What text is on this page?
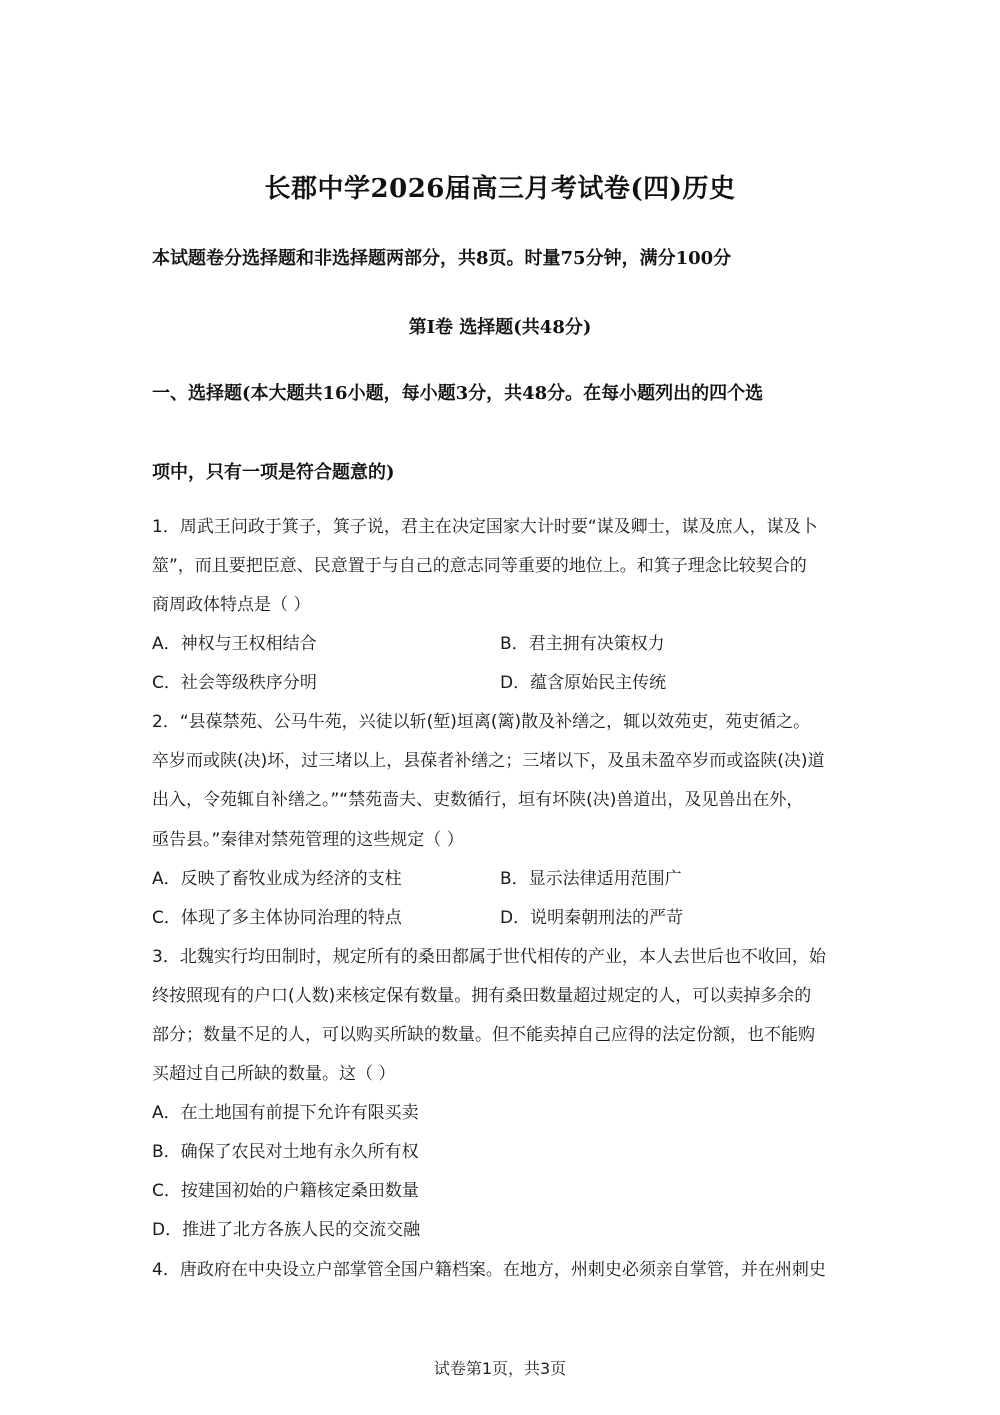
长郡中学2026届高三月考试卷(四)历史
本试题卷分选择题和非选择题两部分，共8页。时量75分钟，满分100分
第Ⅰ卷 选择题(共48分)
一、选择题(本大题共16小题，每小题3分，共48分。在每小题列出的四个选
项中，只有一项是符合题意的)
1．周武王问政于箕子，箕子说，君主在决定国家大计时要“谋及卿士，谋及庶人，谋及卜
筮”，而且要把臣意、民意置于与自己的意志同等重要的地位上。和箕子理念比较契合的
商周政体特点是（ ）
A．神权与王权相结合	B．君主拥有决策权力
C．社会等级秩序分明	D．蕴含原始民主传统
2．“县葆禁苑、公马牛苑，兴徒以斩(堑)垣离(篱)散及补缮之，辄以效苑吏，苑吏循之。
卒岁而或陕(决)坏，过三堵以上，县葆者补缮之；三堵以下，及虽未盈卒岁而或盗陕(决)道
出入，令苑辄自补缮之。”“禁苑啬夫、吏数循行，垣有坏陕(决)兽道出，及见兽出在外，
亟告县。”秦律对禁苑管理的这些规定（ ）
A．反映了畜牧业成为经济的支柱	B．显示法律适用范围广
C．体现了多主体协同治理的特点	D．说明秦朝刑法的严苛
3．北魏实行均田制时，规定所有的桑田都属于世代相传的产业，本人去世后也不收回，始
终按照现有的户口(人数)来核定保有数量。拥有桑田数量超过规定的人，可以卖掉多余的
部分；数量不足的人，可以购买所缺的数量。但不能卖掉自己应得的法定份额，也不能购
买超过自己所缺的数量。这（ ）
A．在土地国有前提下允许有限买卖
B．确保了农民对土地有永久所有权
C．按建国初始的户籍核定桑田数量
D．推进了北方各族人民的交流交融
4．唐政府在中央设立户部掌管全国户籍档案。在地方，州刺史必须亲自掌管，并在州刺史
试卷第1页，共3页
